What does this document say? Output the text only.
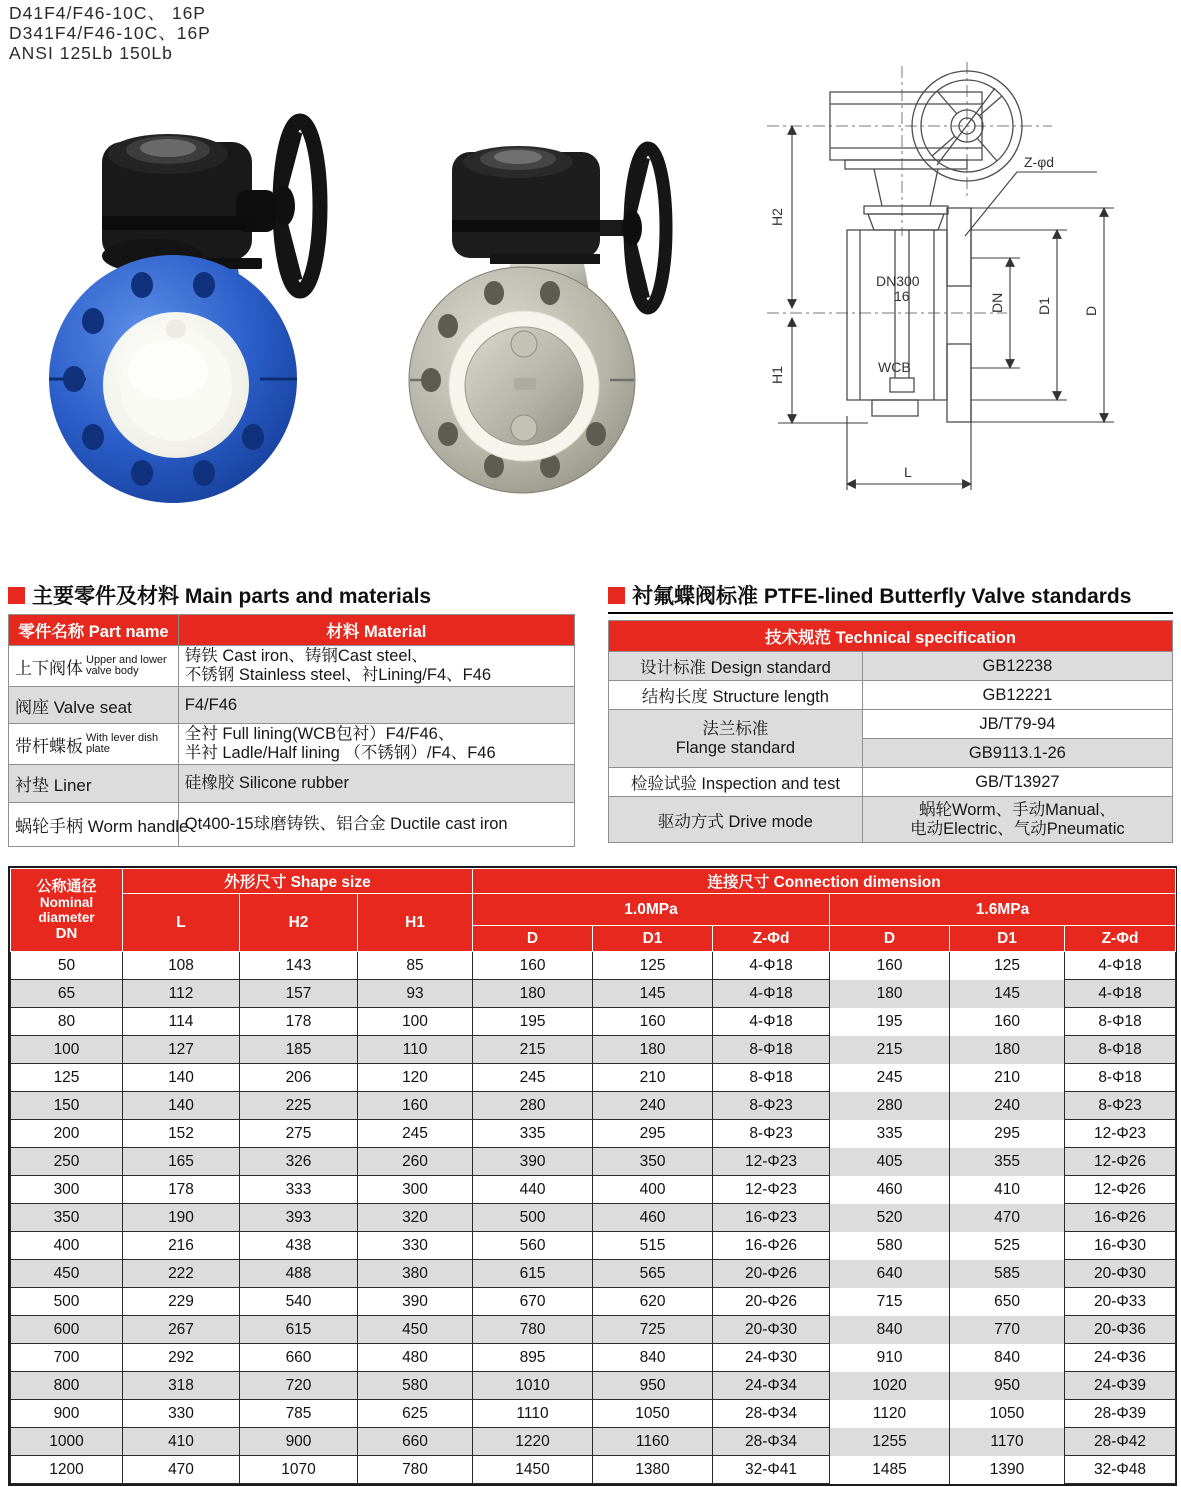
D41F4/F46-10C、 16P
D341F4/F46-10C、16P
ANSI 125Lb 150Lb
Z-φd
H2
H1
DN D1 D
L
DN300
16
WCB
主要零件及材料 Main parts and materials
零件名称 Part name	材料 Material

上下阀体 Upper and lower
valve body

铸铁 Cast iron、铸钢Cast steel、
不锈钢 Stainless steel、衬Lining/F4、F46

阀座 Valve seat	F4/F46

带杆蝶板 With lever dish
plate

全衬 Full lining(WCB包衬）F4/F46、
半衬 Ladle/Half lining （不锈钢）/F4、F46

衬垫 Liner	硅橡胶 Silicone rubber

蜗轮手柄 Worm handle	Qt400-15球磨铸铁、铝合金 Ductile cast iron
衬氟蝶阀标准 PTFE-lined Butterfly Valve standards
技术规范 Technical specification	
设计标准 Design standard	GB12238
结构长度 Structure length	GB12221

法兰标准
Flange standard	JB/T79-94
	GB9113.1-26
检验试验 Inspection and test	GB/T13927
驱动方式 Drive mode	蜗轮Worm、手动Manual、
电动Electric、气动Pneumatic
公称通径
Nominal diameter
DN	外形尺寸 Shape size			连接尺寸 Connection dimension					
	L	H2	H1	1.0MPa			1.6MPa		
				D	D1	Z-Φd	D	D1	Z-Φd
50	108	143	85	160	125	4-Φ18	160	125	4-Φ18
65	112	157	93	180	145	4-Φ18	180	145	4-Φ18
80	114	178	100	195	160	4-Φ18	195	160	8-Φ18
100	127	185	110	215	180	8-Φ18	215	180	8-Φ18
125	140	206	120	245	210	8-Φ18	245	210	8-Φ18
150	140	225	160	280	240	8-Φ23	280	240	8-Φ23
200	152	275	245	335	295	8-Φ23	335	295	12-Φ23
250	165	326	260	390	350	12-Φ23	405	355	12-Φ26
300	178	333	300	440	400	12-Φ23	460	410	12-Φ26
350	190	393	320	500	460	16-Φ23	520	470	16-Φ26
400	216	438	330	560	515	16-Φ26	580	525	16-Φ30
450	222	488	380	615	565	20-Φ26	640	585	20-Φ30
500	229	540	390	670	620	20-Φ26	715	650	20-Φ33
600	267	615	450	780	725	20-Φ30	840	770	20-Φ36
700	292	660	480	895	840	24-Φ30	910	840	24-Φ36
800	318	720	580	1010	950	24-Φ34	1020	950	24-Φ39
900	330	785	625	1110	1050	28-Φ34	1120	1050	28-Φ39
1000	410	900	660	1220	1160	28-Φ34	1255	1170	28-Φ42
1200	470	1070	780	1450	1380	32-Φ41	1485	1390	32-Φ48
